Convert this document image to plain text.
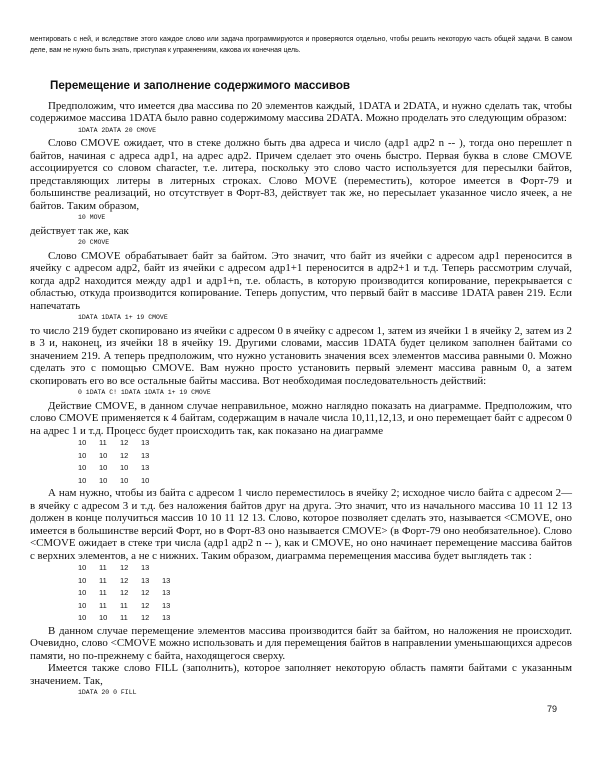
ментировать с ней, и вследствие этого каждое слово или задача программируются и проверяются отдельно, чтобы решить некоторую часть общей задачи. В самом деле, вам не нужно быть знать, приступая к упражнениям, какова их конечная цель.
Перемещение и заполнение содержимого массивов

Предположим, что имеется два массива по 20 элементов каждый, 1DATA и 2DATA, и нужно сделать так, чтобы содержимое массива 1DATA было равно содержимому массива 2DATA. Можно проделать это следующим образом:

1DATA 2DATA 20 CMOVE

Слово CMOVE ожидает, что в стеке должно быть два адреса и число (адр1 адр2 n -- ), тогда оно перешлет n байтов, начиная с адреса адр1, на адрес адр2. Причем сделает это очень быстро. Первая буква в слове CMOVE ассоциируется со словом character, т.е. литера, поскольку это слово часто используется для пересылки байтов, представляющих литеры в литерных строках. Слово MOVE (переместить), которое имеется в Форт-79 и большинстве реализаций, но отсутствует в Форт-83, действует так же, но пересылает указанное число ячеек, а не байтов. Таким образом,

10 MOVE

действует так же, как

20 CMOVE

Слово CMOVE обрабатывает байт за байтом. Это значит, что байт из ячейки с адресом адр1 переносится в ячейку с адресом адр2, байт из ячейки с адресом адр1+1 переносится в адр2+1 и т.д. Теперь рассмотрим случай, когда адр2 находится между адр1 и адр1+n, т.е. область, в которую производится копирование, перекрывается с областью, откуда производится копирование. Теперь допустим, что первый байт в массиве 1DATA равен 219. Если напечатать

1DATA 1DATA 1+ 19 CMOVE

то число 219 будет скопировано из ячейки с адресом 0 в ячейку с адресом 1, затем из ячейки 1 в ячейку 2, затем из 2 в 3 и, наконец, из ячейки 18 в ячейку 19. Другими словами, массив 1DATA будет целиком заполнен байтами со значением 219. А теперь предположим, что нужно установить значения всех элементов массива равными 0. Можно сделать это с помощью CMOVE. Вам нужно просто установить первый элемент массива равным 0, а затем скопировать его во все остальные байты массива. Вот необходимая последовательность действий:

0 1DATA C! 1DATA 1DATA 1+ 19 CMOVE

Действие CMOVE, в данном случае неправильное, можно наглядно показать на диаграмме. Предположим, что слово CMOVE применяется к 4 байтам, содержащим в начале числа 10,11,12,13, и оно перемещает байт с адресом 0 на адрес 1 и т.д. Процесс будет происходить так, как показано на диаграмме

10	11	12	13
10	10	12	13
10	10	10	13
10	10	10	10

А нам нужно, чтобы из байта с адресом 1 число переместилось в ячейку 2; исходное число байта с адресом 2— в ячейку с адресом 3 и т.д. без наложения байтов друг на друга. Это значит, что из начального массива 10 11 12 13 должен в конце получиться массив 10 10 11 12 13. Слово, которое позволяет сделать это, называется <CMOVE, оно имеется в большинстве версий Форт, но в Форт-83 оно называется CMOVE> (в Форт-79 оно необязательное). Слово <CMOVE ожидает в стеке три числа (адр1 адр2 n -- ), как и CMOVE, но оно начинает перемещение массива байтов с верхних элементов, а не с нижних. Таким образом, диаграмма перемещения массива будет выглядеть так :

10	11	12	13
10	11	12	13	13
10	11	12	12	13
10	11	11	12	13
10	10	11	12	13

В данном случае перемещение элементов массива производится байт за байтом, но наложения не происходит. Очевидно, слово <CMOVE можно использовать и для перемещения байтов в направлении уменьшающихся адресов памяти, но по-прежнему с байта, находящегося сверху.

Имеется также слово FILL (заполнить), которое заполняет некоторую область памяти байтами с указанным значением. Так,

1DATA 20 0 FILL
79
